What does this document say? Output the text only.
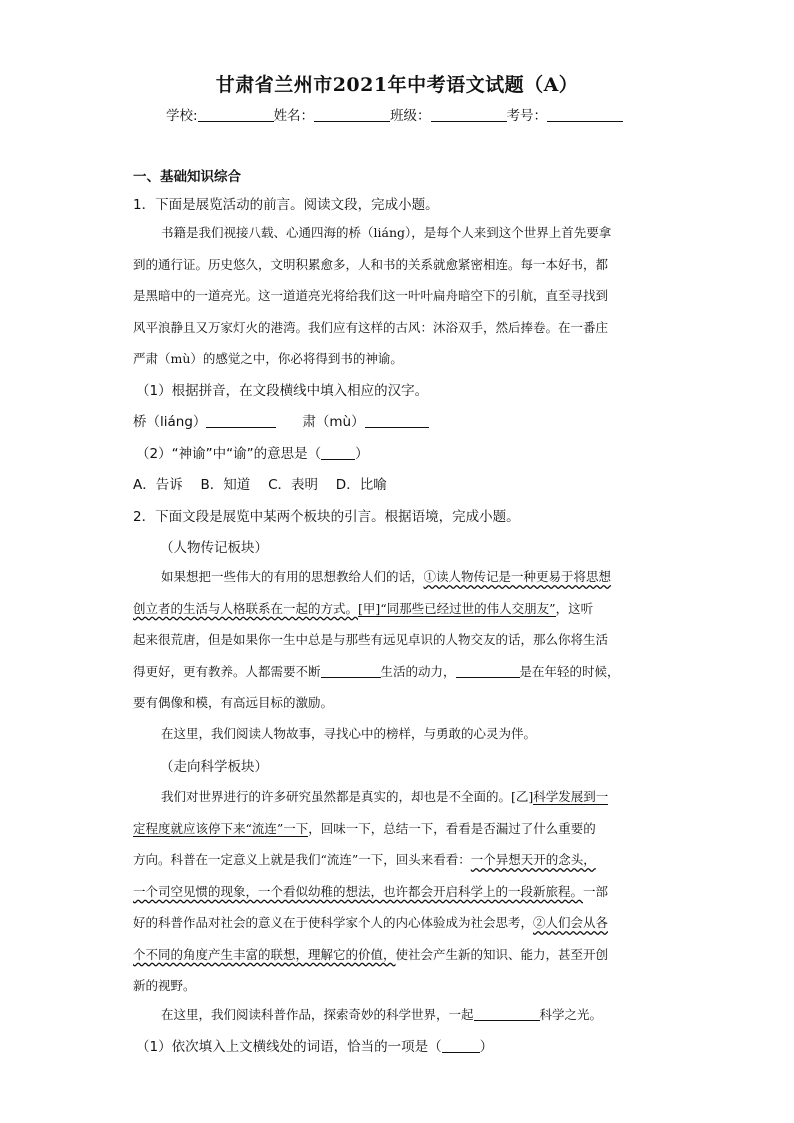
甘肃省兰州市2021年中考语文试题（A）
学校:	姓名：	班级：	考号：
一、基础知识综合
1．下面是展览活动的前言。阅读文段，完成小题。
书籍是我们视接八载、心通四海的桥（liáng），是每个人来到这个世界上首先要拿
到的通行证。历史悠久，文明积累愈多，人和书的关系就愈紧密相连。每一本好书，都
是黑暗中的一道亮光。这一道道亮光将给我们这一叶叶扁舟暗空下的引航，直至寻找到
风平浪静且又万家灯火的港湾。我们应有这样的古风：沐浴双手，然后捧卷。在一番庄
严肃（mù）的感觉之中，你必将得到书的神谕。
（1）根据拼音，在文段横线中填入相应的汉字。
桥（liáng）	肃（mù）
（2）“神谕”中“谕”的意思是（	）
A．告诉　 B．知道　 C．表明　 D．比喻
2．下面文段是展览中某两个板块的引言。根据语境，完成小题。
（人物传记板块）
如果想把一些伟大的有用的思想教给人们的话，①读人物传记是一种更易于将思想
创立者的生活与人格联系在一起的方式。[甲]“同那些已经过世的伟人交朋友”，这听
起来很荒唐，但是如果你一生中总是与那些有远见卓识的人物交友的话，那么你将生活
得更好，更有教养。人都需要不断	生活的动力，	是在年轻的时候，
要有偶像和模，有高远目标的激励。
在这里，我们阅读人物故事，寻找心中的榜样，与勇敢的心灵为伴。
（走向科学板块）
我们对世界进行的许多研究虽然都是真实的，却也是不全面的。[乙]科学发展到一
定程度就应该停下来“流连”一下，回味一下，总结一下，看看是否漏过了什么重要的
方向。科普在一定意义上就是我们“流连”一下，回头来看看：一个异想天开的念头，
一个司空见惯的现象，一个看似幼稚的想法，也许都会开启科学上的一段新旅程。一部
好的科普作品对社会的意义在于使科学家个人的内心体验成为社会思考，②人们会从各
个不同的角度产生丰富的联想，理解它的价值，使社会产生新的知识、能力，甚至开创
新的视野。
在这里，我们阅读科普作品，探索奇妙的科学世界，一起	科学之光。
（1）依次填入上文横线处的词语，恰当的一项是（	）
